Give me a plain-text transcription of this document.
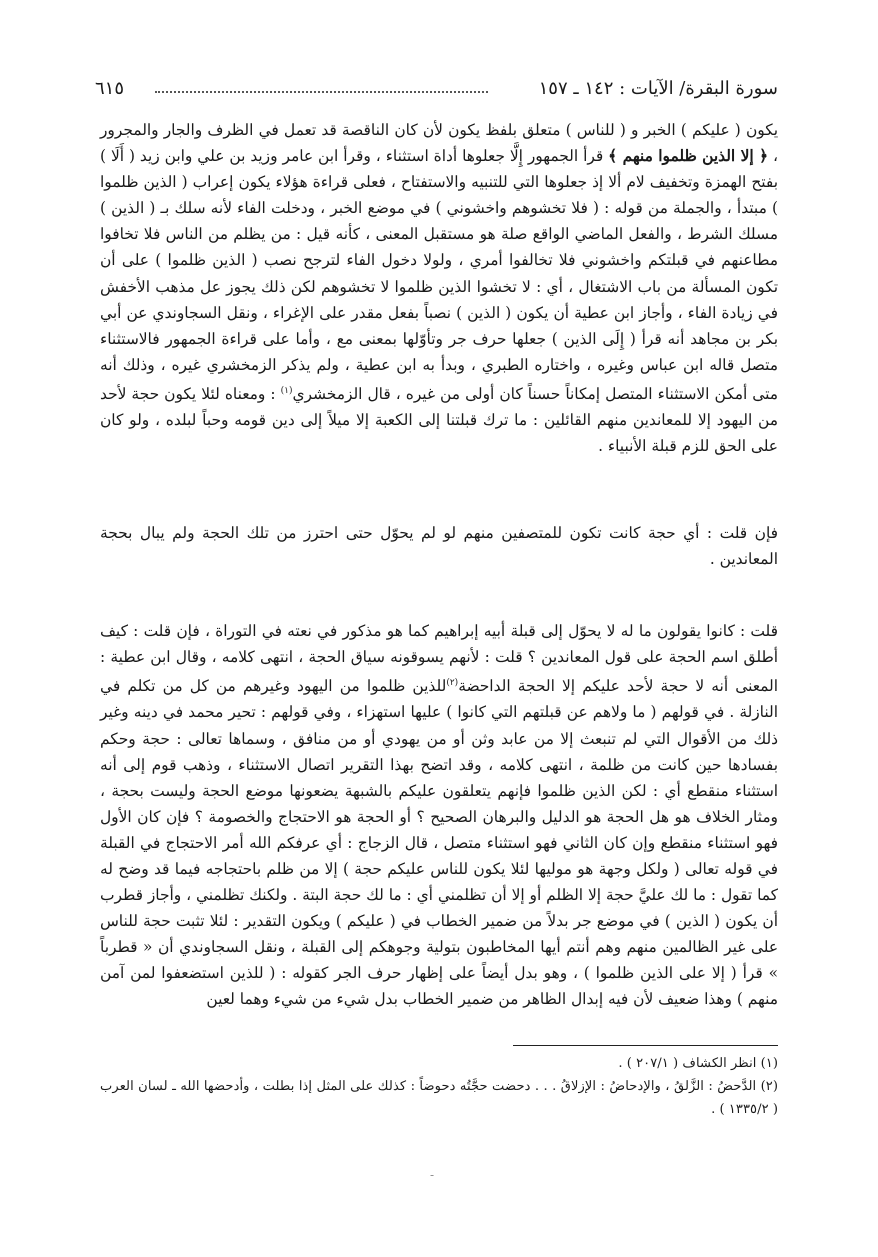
سورة البقرة/ الآيات : ١٤٢ ـ ١٥٧
٦١٥

يكون ( عليكم ) الخبر و ( للناس ) متعلق بلفظ يكون لأن كان الناقصة قد تعمل في الظرف والجار والمجرور ، ﴿ إلا الذين ظلموا منهم ﴾ قرأ الجمهور إِلَّا جعلوها أداة استثناء ، وقرأ ابن عامر وزيد بن علي وابن زيد ( أَلَا ) بفتح الهمزة وتخفيف لام ألا إذ جعلوها التي للتنبيه والاستفتاح ، فعلى قراءة هؤلاء يكون إعراب ( الذين ظلموا ) مبتدأ ، والجملة من قوله : ( فلا تخشوهم واخشوني ) في موضع الخبر ، ودخلت الفاء لأنه سلك بـ ( الذين ) مسلك الشرط ، والفعل الماضي الواقع صلة هو مستقبل المعنى ، كأنه قيل : من يظلم من الناس فلا تخافوا مطاعنهم في قبلتكم واخشوني فلا تخالفوا أمري ، ولولا دخول الفاء لترجح نصب ( الذين ظلموا ) على أن تكون المسألة من باب الاشتغال ، أي : لا تخشوا الذين ظلموا لا تخشوهم لكن ذلك يجوز عل مذهب الأخفش في زيادة الفاء ، وأجاز ابن عطية أن يكون ( الذين ) نصباً بفعل مقدر على الإغراء ، ونقل السجاوندي عن أبي بكر بن مجاهد أنه قرأ ( إِلَى الذين ) جعلها حرف جر وتأوّلها بمعنى مع ، وأما على قراءة الجمهور فالاستثناء متصل قاله ابن عباس وغيره ، واختاره الطبري ، وبدأ به ابن عطية ، ولم يذكر الزمخشري غيره ، وذلك أنه متى أمكن الاستثناء المتصل إمكاناً حسناً كان أولى من غيره ، قال الزمخشري$^{(١)}$ : ومعناه لئلا يكون حجة لأحد من اليهود إلا للمعاندين منهم القائلين : ما ترك قبلتنا إلى الكعبة إلا ميلاً إلى دين قومه وحباً لبلده ، ولو كان على الحق للزم قبلة الأنبياء .

فإن قلت : أي حجة كانت تكون للمتصفين منهم لو لم يحوّل حتى احترز من تلك الحجة ولم يبال بحجة المعاندين .

قلت : كانوا يقولون ما له لا يحوّل إلى قبلة أبيه إبراهيم كما هو مذكور في نعته في التوراة ، فإن قلت : كيف أطلق اسم الحجة على قول المعاندين ؟ قلت : لأنهم يسوقونه سياق الحجة ، انتهى كلامه ، وقال ابن عطية : المعنى أنه لا حجة لأحد عليكم إلا الحجة الداحضة$^{(٢)}$للذين ظلموا من اليهود وغيرهم من كل من تكلم في النازلة . في قولهم ( ما ولاهم عن قبلتهم التي كانوا ) عليها استهزاء ، وفي قولهم : تحير محمد في دينه وغير ذلك من الأقوال التي لم تنبعث إلا من عابد وثن أو من يهودي أو من منافق ، وسماها تعالى : حجة وحكم بفسادها حين كانت من ظلمة ، انتهى كلامه ، وقد اتضح بهذا التقرير اتصال الاستثناء ، وذهب قوم إلى أنه استثناء منقطع أي : لكن الذين ظلموا فإنهم يتعلقون عليكم بالشبهة يضعونها موضع الحجة وليست بحجة ، ومثار الخلاف هو هل الحجة هو الدليل والبرهان الصحيح ؟ أو الحجة هو الاحتجاج والخصومة ؟ فإن كان الأول فهو استثناء منقطع وإن كان الثاني فهو استثناء متصل ، قال الزجاج : أي عرفكم الله أمر الاحتجاج في القبلة في قوله تعالى ( ولكل وجهة هو موليها لئلا يكون للناس عليكم حجة ) إلا من ظلم باحتجاجه فيما قد وضح له كما تقول : ما لك عليَّ حجة إلا الظلم أو إلا أن تظلمني أي : ما لك حجة البتة . ولكنك تظلمني ، وأجاز قطرب أن يكون ( الذين ) في موضع جر بدلاً من ضمير الخطاب في ( عليكم ) ويكون التقدير : لئلا تثبت حجة للناس على غير الظالمين منهم وهم أنتم أيها المخاطبون بتولية وجوهكم إلى القبلة ، ونقل السجاوندي أن « قطرباً » قرأ ( إلا على الذين ظلموا ) ، وهو بدل أيضاً على إظهار حرف الجر كقوله : ( للذين استضعفوا لمن آمن منهم ) وهذا ضعيف لأن فيه إبدال الظاهر من ضمير الخطاب بدل شيء من شيء وهما لعين

(١) انظر الكشاف ( ٢٠٧/١ ) .

(٢) الدَّحضُ : الزَّلقُ ، والإدحاضُ : الإزلاقُ . . . دحضت حجَّتُه دحوضاً : كذلك على المثل إذا بطلت ، وأدحضها الله ـ لسان العرب ( ١٣٣٥/٢ ) .

-
